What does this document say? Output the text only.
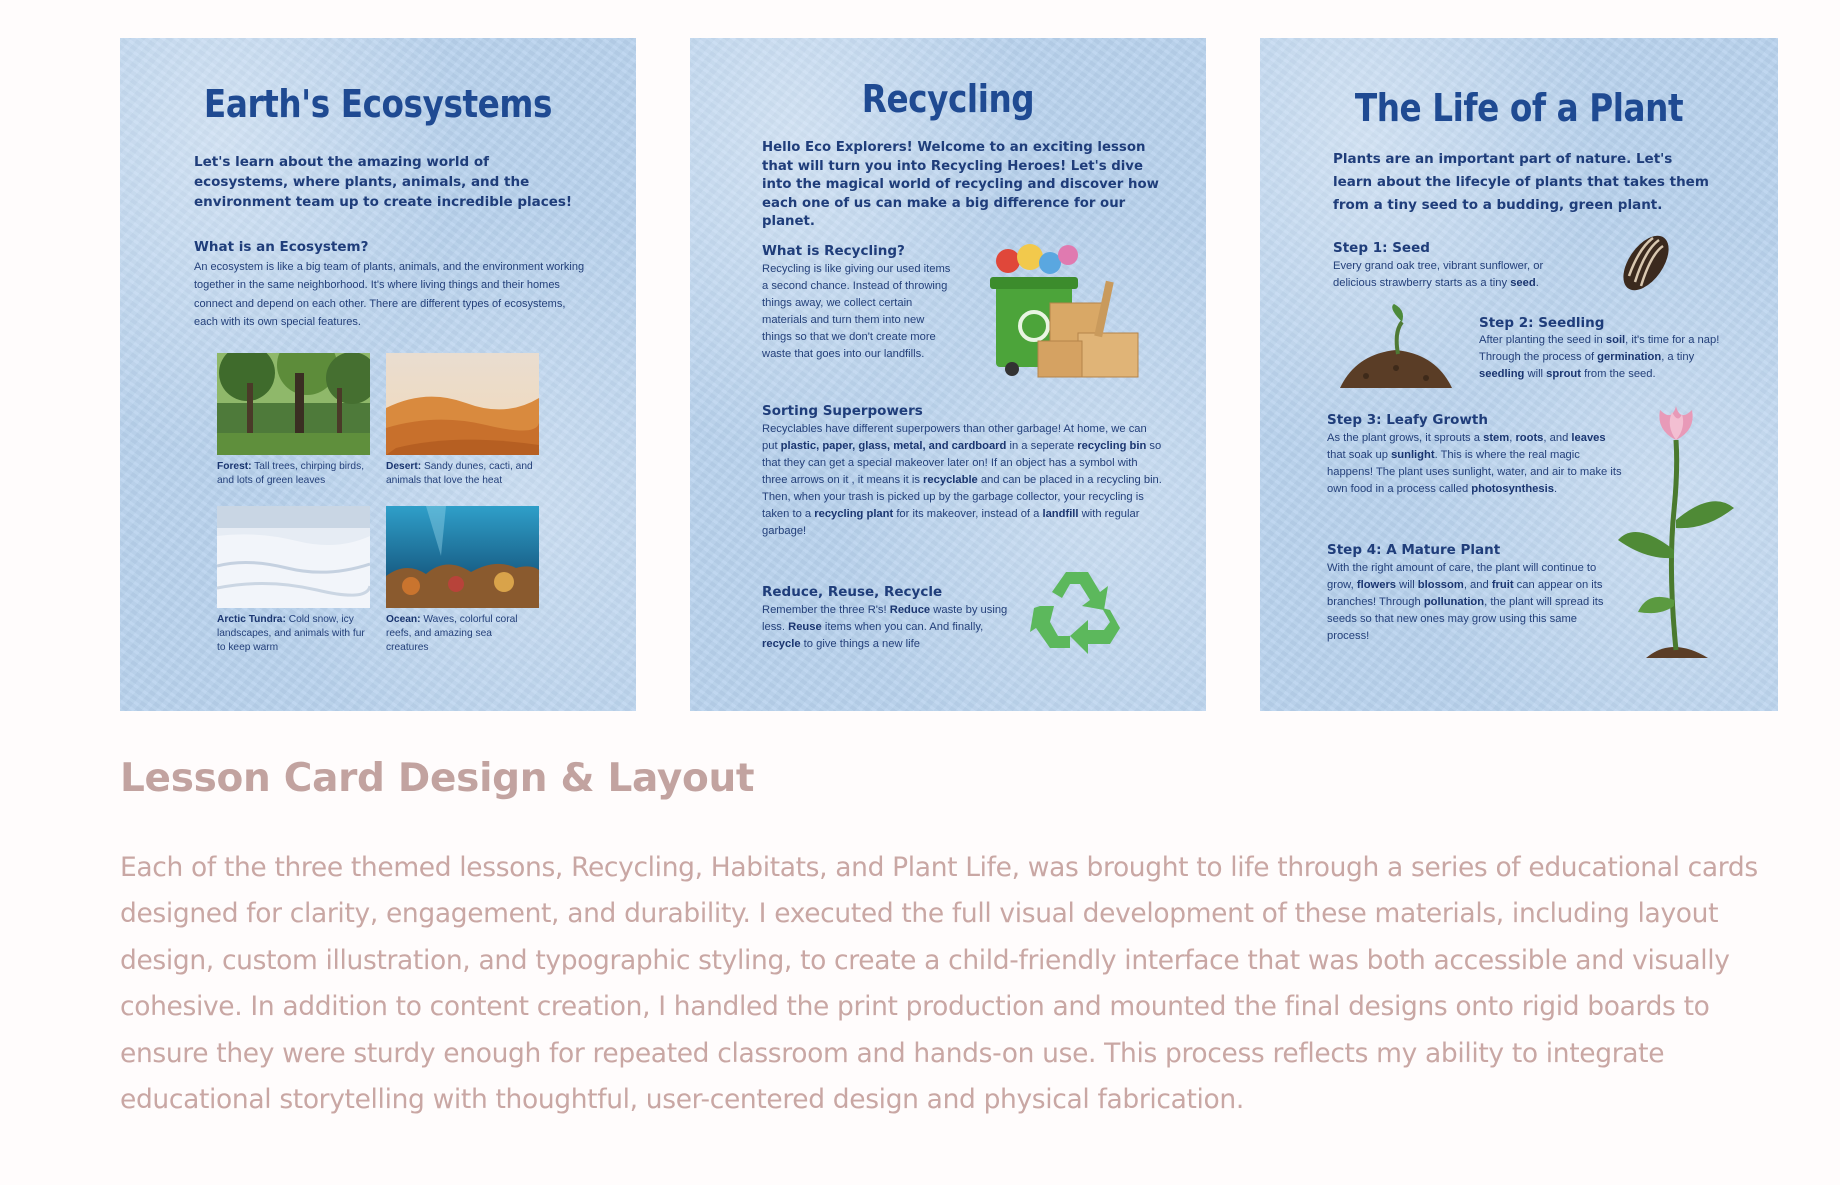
Earth's Ecosystems
Let's learn about the amazing world of ecosystems, where plants, animals, and the environment team up to create incredible places!
What is an Ecosystem?
An ecosystem is like a big team of plants, animals, and the environment working together in the same neighborhood. It's where living things and their homes connect and depend on each other. There are different types of ecosystems, each with its own special features.
Forest: Tall trees, chirping birds, and lots of green leaves
Desert: Sandy dunes, cacti, and animals that love the heat
Arctic Tundra: Cold snow, icy landscapes, and animals with fur to keep warm
Ocean: Waves, colorful coral reefs, and amazing sea creatures
Recycling
Hello Eco Explorers! Welcome to an exciting lesson that will turn you into Recycling Heroes! Let's dive into the magical world of recycling and discover how each one of us can make a big difference for our planet.
What is Recycling?
Recycling is like giving our used items a second chance. Instead of throwing things away, we collect certain materials and turn them into new things so that we don't create more waste that goes into our landfills.
Sorting Superpowers
Recyclables have different superpowers than other garbage! At home, we can put plastic, paper, glass, metal, and cardboard in a seperate recycling bin so that they can get a special makeover later on! If an object has a symbol with three arrows on it , it means it is recyclable and can be placed in a recycling bin. Then, when your trash is picked up by the garbage collector, your recycling is taken to a recycling plant for its makeover, instead of a landfill with regular garbage!
Reduce, Reuse, Recycle
Remember the three R's! Reduce waste by using less. Reuse items when you can. And finally, recycle to give things a new life
The Life of a Plant
Plants are an important part of nature. Let's learn about the lifecyle of plants that takes them from a tiny seed to a budding, green plant.
Step 1: Seed
Every grand oak tree, vibrant sunflower, or delicious strawberry starts as a tiny seed.
Step 2: Seedling
After planting the seed in soil, it's time for a nap! Through the process of germination, a tiny seedling will sprout from the seed.
Step 3: Leafy Growth
As the plant grows, it sprouts a stem, roots, and leaves that soak up sunlight. This is where the real magic happens! The plant uses sunlight, water, and air to make its own food in a process called photosynthesis.
Step 4: A Mature Plant
With the right amount of care, the plant will continue to grow, flowers will blossom, and fruit can appear on its branches! Through pollunation, the plant will spread its seeds so that new ones may grow using this same process!
Lesson Card Design & Layout

Each of the three themed lessons, Recycling, Habitats, and Plant Life, was brought to life through a series of educational cards designed for clarity, engagement, and durability. I executed the full visual development of these materials, including layout design, custom illustration, and typographic styling, to create a child-friendly interface that was both accessible and visually cohesive. In addition to content creation, I handled the print production and mounted the final designs onto rigid boards to ensure they were sturdy enough for repeated classroom and hands-on use. This process reflects my ability to integrate educational storytelling with thoughtful, user-centered design and physical fabrication.
